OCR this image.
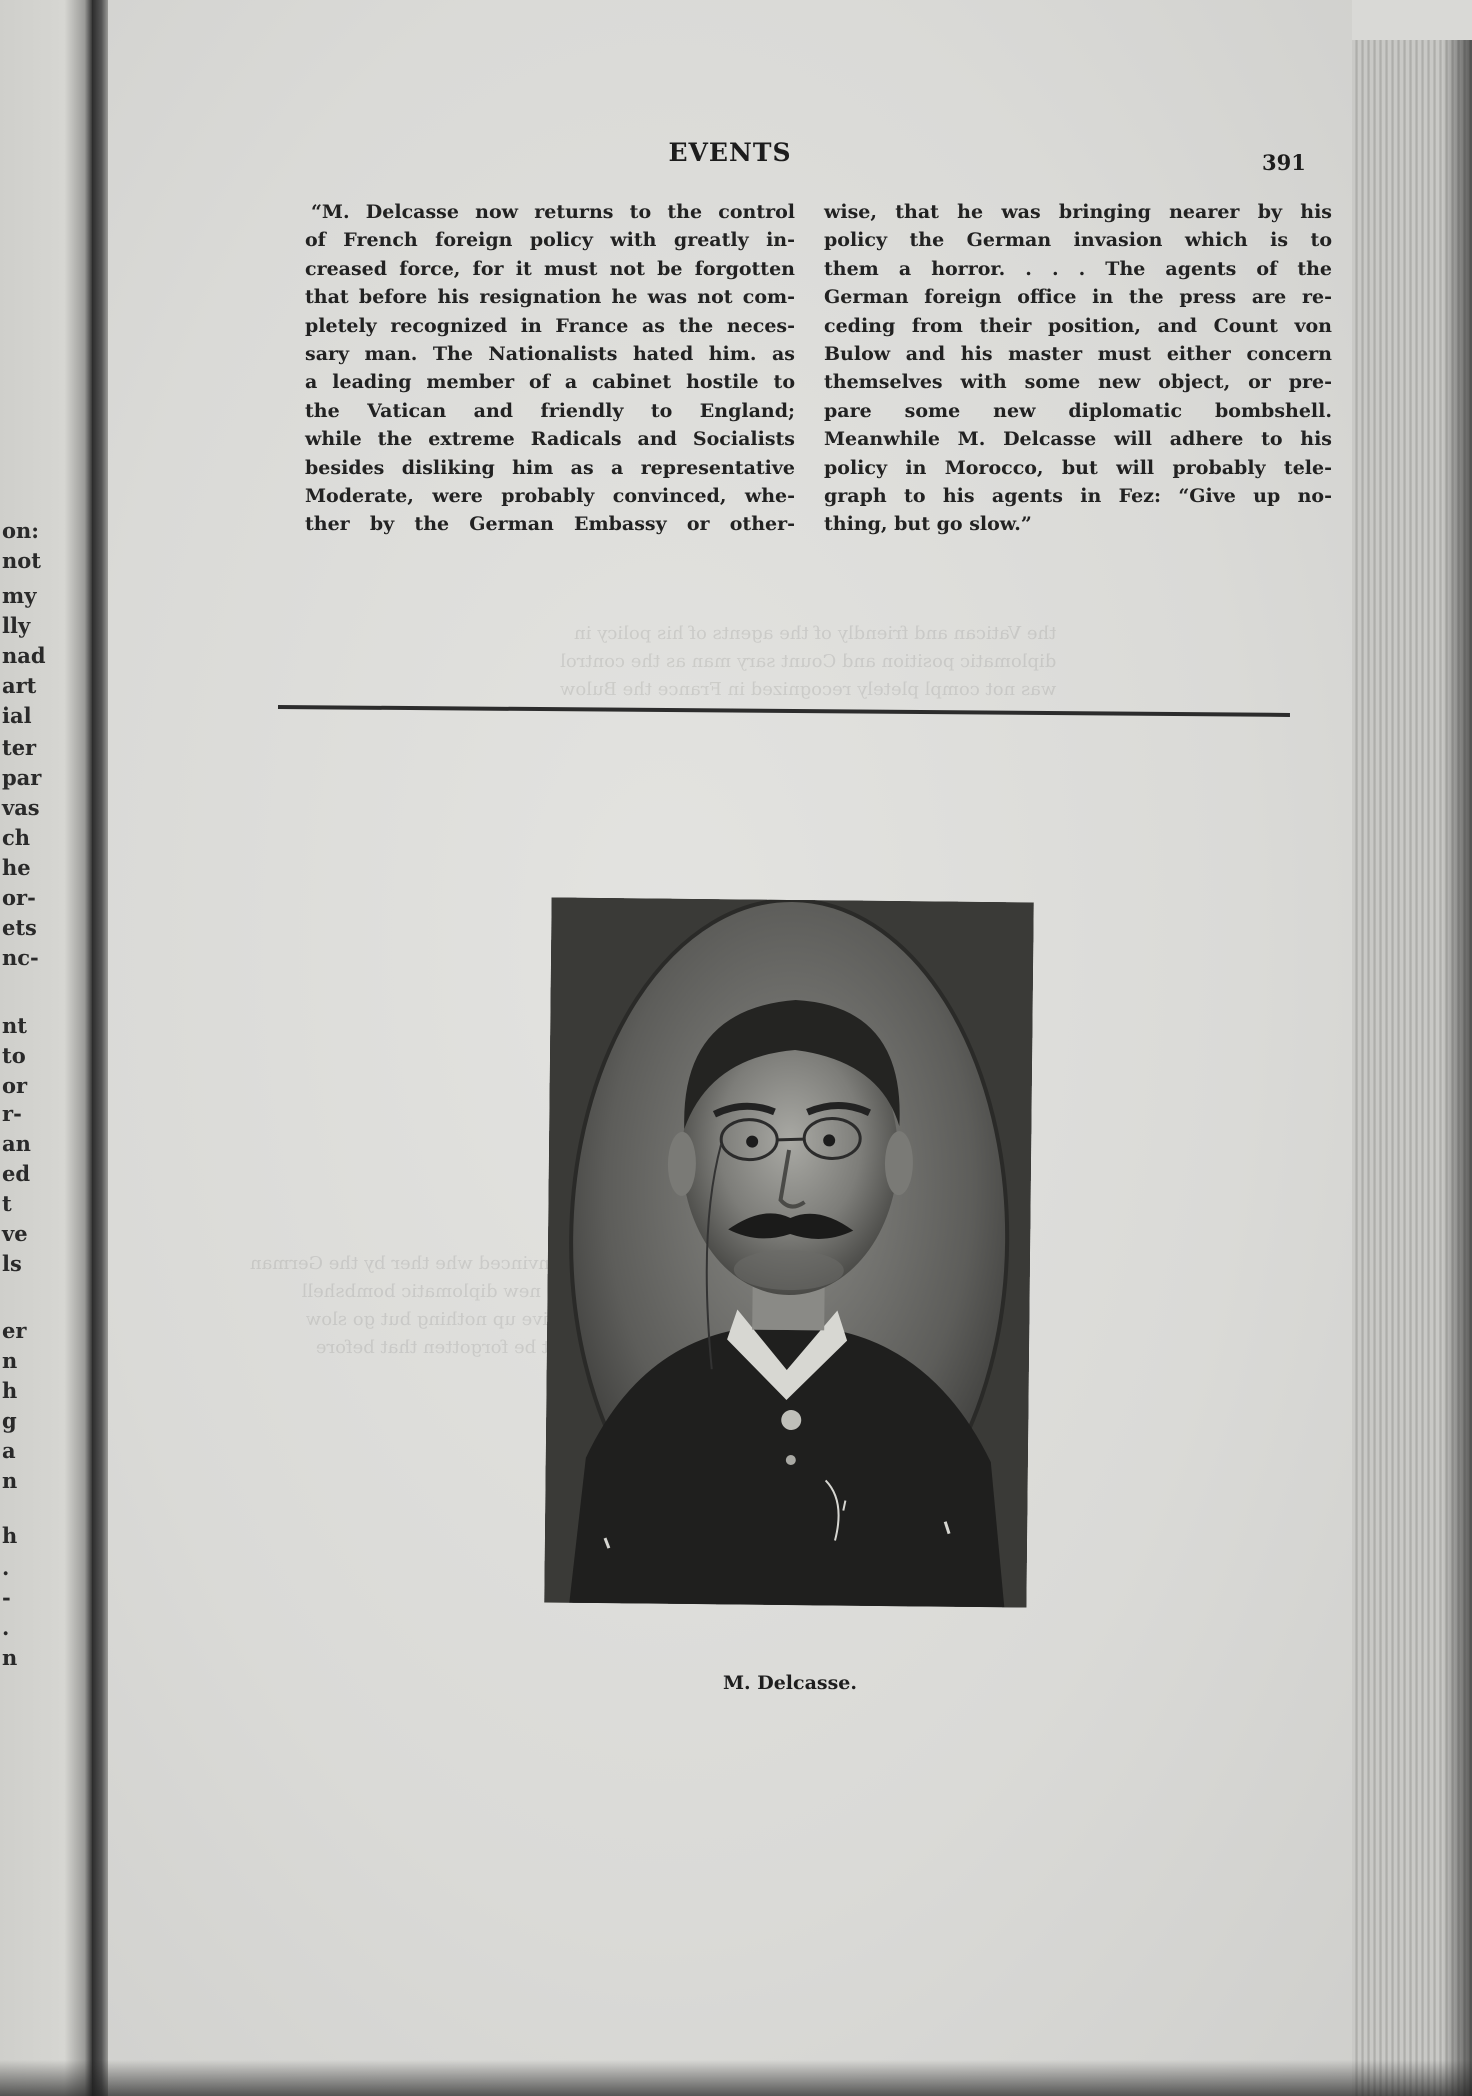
on:
not
my
lly
nad
art
ial
ter
par
vas
ch
he
or-
ets
nc-
nt
to
or
r-
an
ed
t
ve
ls
er
n
h
g
a
n
h
.
-
.
n

EVENTS	391
“M. Delcasse now returns to the control
of French foreign policy with greatly in-
creased force, for it must not be forgotten
that before his resignation he was not com-
pletely recognized in France as the neces-
sary man. The Nationalists hated him. as
a leading member of a cabinet hostile to
the Vatican and friendly to England;
while the extreme Radicals and Socialists
besides disliking him as a representative
Moderate, were probably convinced, whe-
ther by the German Embassy or other-
wise, that he was bringing nearer by his
policy the German invasion which is to
them a horror. . . . The agents of the
German foreign office in the press are re-
ceding from their position, and Count von
Bulow and his master must either concern
themselves with some new object, or pre-
pare some new diplomatic bombshell.
Meanwhile M. Delcasse will adhere to his
policy in Morocco, but will probably tele-
graph to his agents in Fez: “Give up no-
thing, but go slow.”
M. Delcasse.
